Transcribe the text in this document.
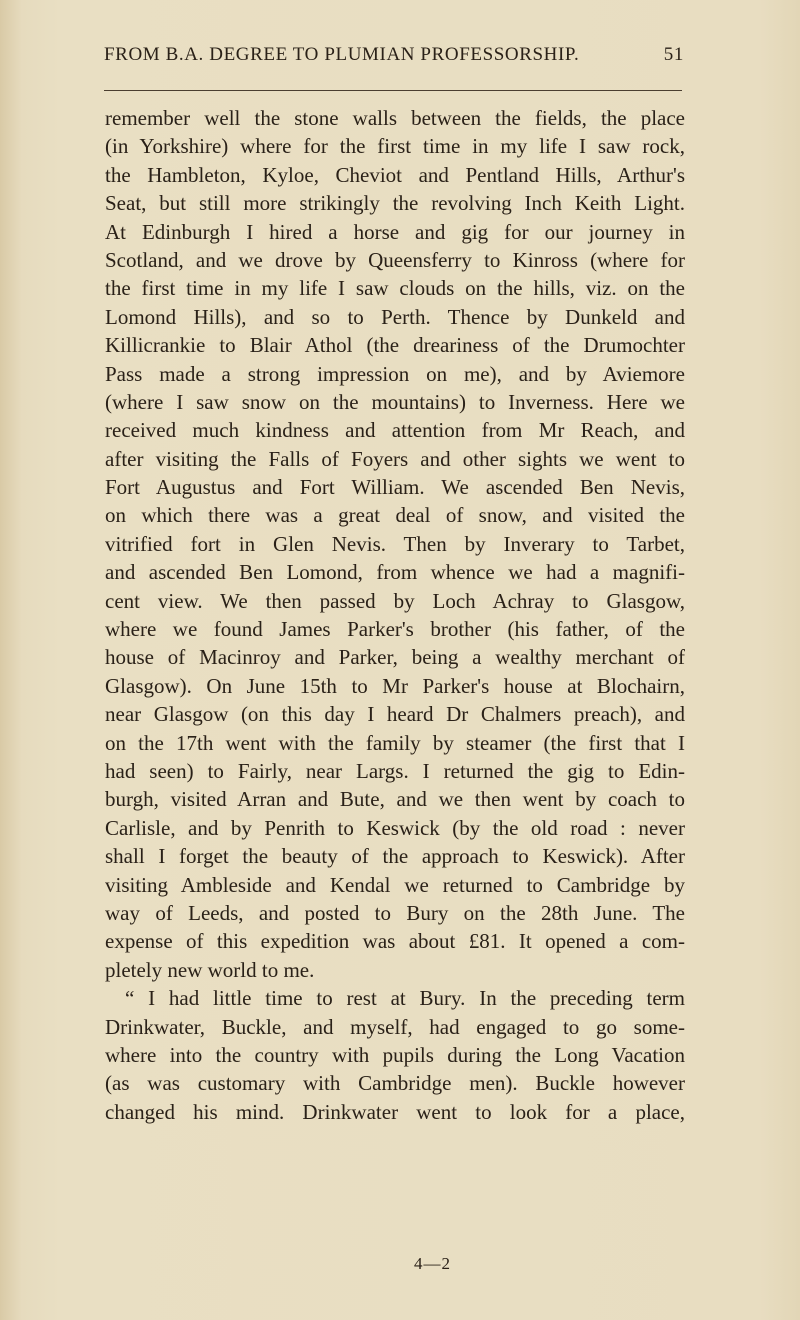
FROM B.A. DEGREE TO PLUMIAN PROFESSORSHIP.	51
remember well the stone walls between the fields, the place
(in Yorkshire) where for the first time in my life I saw rock,
the Hambleton, Kyloe, Cheviot and Pentland Hills, Arthur's
Seat, but still more strikingly the revolving Inch Keith Light.
At Edinburgh I hired a horse and gig for our journey in
Scotland, and we drove by Queensferry to Kinross (where for
the first time in my life I saw clouds on the hills, viz. on the
Lomond Hills), and so to Perth. Thence by Dunkeld and
Killicrankie to Blair Athol (the dreariness of the Drumochter
Pass made a strong impression on me), and by Aviemore
(where I saw snow on the mountains) to Inverness. Here we
received much kindness and attention from Mr Reach, and
after visiting the Falls of Foyers and other sights we went to
Fort Augustus and Fort William. We ascended Ben Nevis,
on which there was a great deal of snow, and visited the
vitrified fort in Glen Nevis. Then by Inverary to Tarbet,
and ascended Ben Lomond, from whence we had a magnifi-
cent view. We then passed by Loch Achray to Glasgow,
where we found James Parker's brother (his father, of the
house of Macinroy and Parker, being a wealthy merchant of
Glasgow). On June 15th to Mr Parker's house at Blochairn,
near Glasgow (on this day I heard Dr Chalmers preach), and
on the 17th went with the family by steamer (the first that I
had seen) to Fairly, near Largs. I returned the gig to Edin-
burgh, visited Arran and Bute, and we then went by coach to
Carlisle, and by Penrith to Keswick (by the old road : never
shall I forget the beauty of the approach to Keswick). After
visiting Ambleside and Kendal we returned to Cambridge by
way of Leeds, and posted to Bury on the 28th June. The
expense of this expedition was about £81. It opened a com-
pletely new world to me.
“ I had little time to rest at Bury. In the preceding term
Drinkwater, Buckle, and myself, had engaged to go some-
where into the country with pupils during the Long Vacation
(as was customary with Cambridge men). Buckle however
changed his mind. Drinkwater went to look for a place,
4—2
